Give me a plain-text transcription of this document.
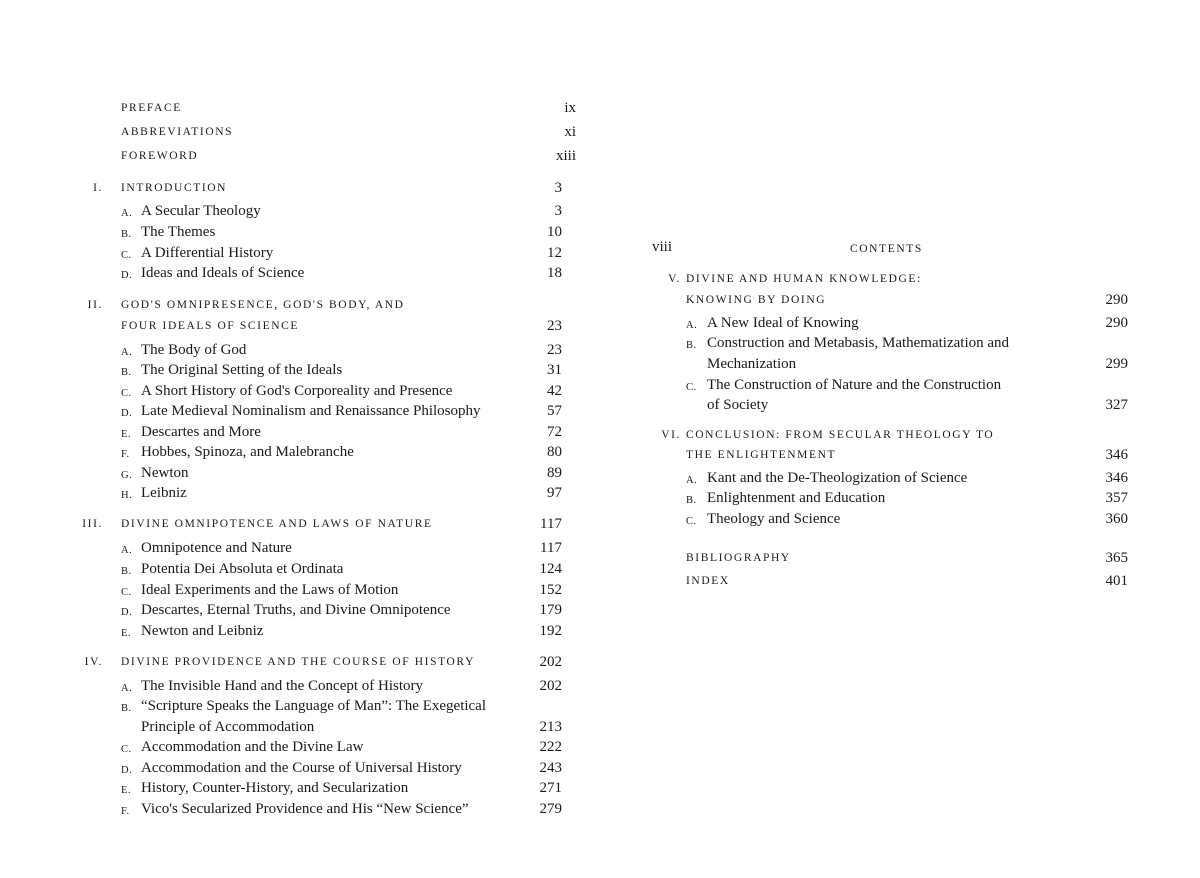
PREFACE	ix
ABBREVIATIONS	xi
FOREWORD	xiii
I. INTRODUCTION	3
A. A Secular Theology	3
B. The Themes	10
C. A Differential History	12
D. Ideas and Ideals of Science	18
II. GOD'S OMNIPRESENCE, GOD'S BODY, AND
FOUR IDEALS OF SCIENCE	23
A. The Body of God	23
B. The Original Setting of the Ideals	31
C. A Short History of God's Corporeality and Presence	42
D. Late Medieval Nominalism and Renaissance Philosophy	57
E. Descartes and More	72
F. Hobbes, Spinoza, and Malebranche	80
G. Newton	89
H. Leibniz	97
III. DIVINE OMNIPOTENCE AND LAWS OF NATURE	117
A. Omnipotence and Nature	117
B. Potentia Dei Absoluta et Ordinata	124
C. Ideal Experiments and the Laws of Motion	152
D. Descartes, Eternal Truths, and Divine Omnipotence	179
E. Newton and Leibniz	192
IV. DIVINE PROVIDENCE AND THE COURSE OF HISTORY	202
A. The Invisible Hand and the Concept of History	202
B. “Scripture Speaks the Language of Man”: The Exegetical
Principle of Accommodation	213
C. Accommodation and the Divine Law	222
D. Accommodation and the Course of Universal History	243
E. History, Counter-History, and Secularization	271
F. Vico's Secularized Providence and His “New Science”	279
viii	CONTENTS
V. DIVINE AND HUMAN KNOWLEDGE:
KNOWING BY DOING	290
A. A New Ideal of Knowing	290
B. Construction and Metabasis, Mathematization and
Mechanization	299
C. The Construction of Nature and the Construction
of Society	327
VI. CONCLUSION: FROM SECULAR THEOLOGY TO
THE ENLIGHTENMENT	346
A. Kant and the De-Theologization of Science	346
B. Enlightenment and Education	357
C. Theology and Science	360
BIBLIOGRAPHY	365
INDEX	401
